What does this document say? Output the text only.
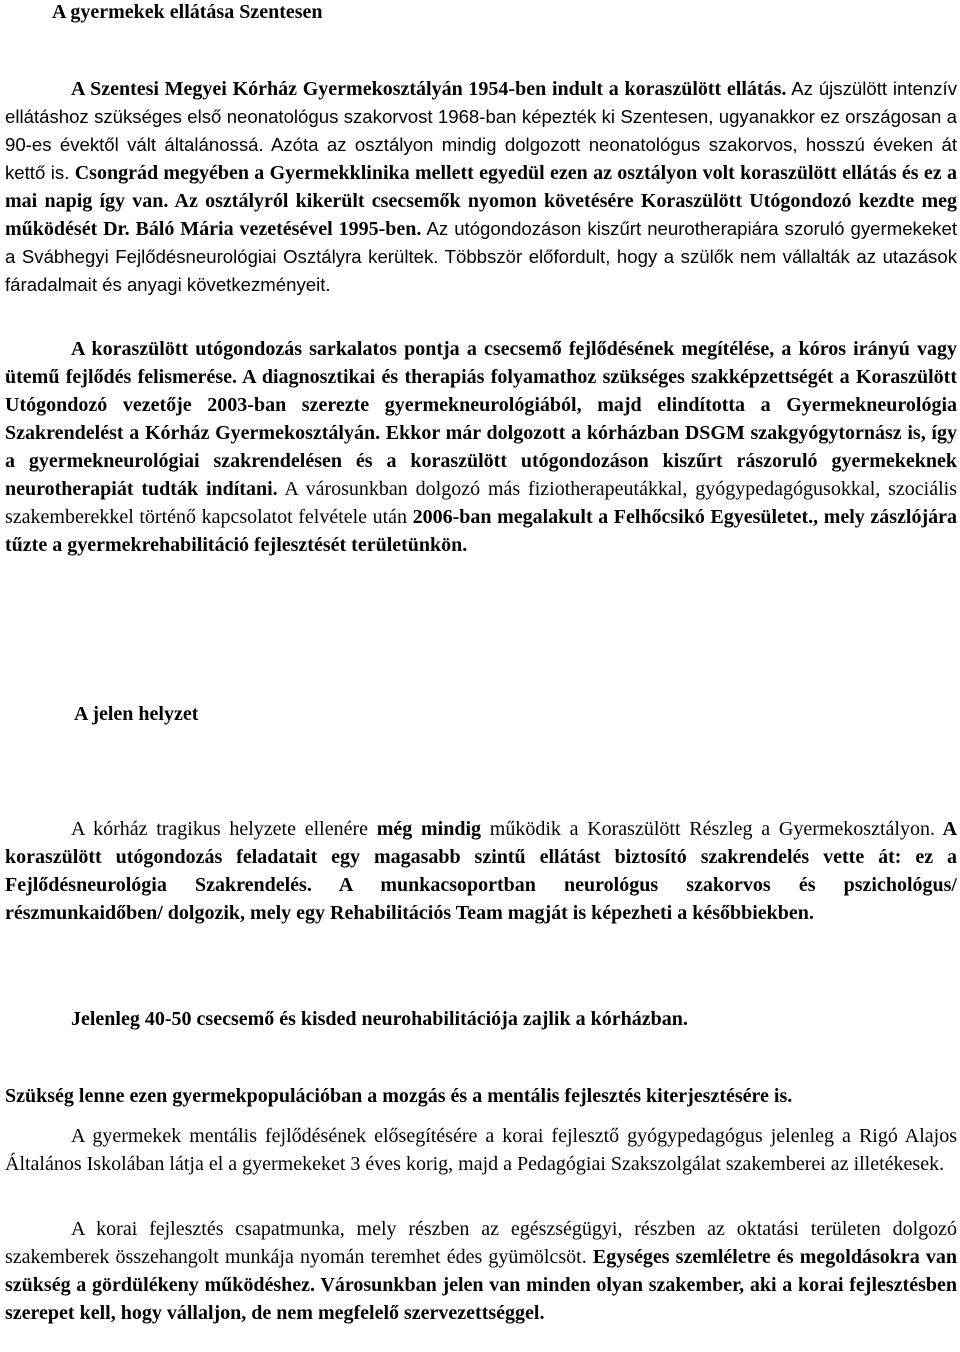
A gyermekek ellátása Szentesen

A Szentesi Megyei Kórház Gyermekosztályán 1954-ben indult a koraszülött ellátás. Az újszülött intenzív ellátáshoz szükséges első neonatológus szakorvost 1968-ban képezték ki Szentesen, ugyanakkor ez országosan a 90-es évektől vált általánossá. Azóta az osztályon mindig dolgozott neonatológus szakorvos, hosszú éveken át kettő is. Csongrád megyében a Gyermekklinika mellett egyedül ezen az osztályon volt koraszülött ellátás és ez a mai napig így van. Az osztályról kikerült csecsemők nyomon követésére Koraszülött Utógondozó kezdte meg működését Dr. Báló Mária vezetésével 1995-ben. Az utógondozáson kiszűrt neurotherapiára szoruló gyermekeket a Svábhegyi Fejlődésneurológiai Osztályra kerültek. Többször előfordult, hogy a szülők nem vállalták az utazások fáradalmait és anyagi következményeit.

A koraszülött utógondozás sarkalatos pontja a csecsemő fejlődésének megítélése, a kóros irányú vagy ütemű fejlődés felismerése. A diagnosztikai és therapiás folyamathoz szükséges szakképzettségét a Koraszülött Utógondozó vezetője 2003-ban szerezte gyermekneurológiából, majd elindította a Gyermekneurológia Szakrendelést a Kórház Gyermekosztályán. Ekkor már dolgozott a kórházban DSGM szakgyógytornász is, így a gyermekneurológiai szakrendelésen és a koraszülött utógondozáson kiszűrt rászoruló gyermekeknek neurotherapiát tudták indítani. A városunkban dolgozó más fiziotherapeutákkal, gyógypedagógusokkal, szociális szakemberekkel történő kapcsolatot felvétele után 2006-ban megalakult a Felhőcsikó Egyesületet., mely zászlójára tűzte a gyermekrehabilitáció fejlesztését területünkön.

A jelen helyzet

A kórház tragikus helyzete ellenére még mindig működik a Koraszülött Részleg a Gyermekosztályon. A koraszülött utógondozás feladatait egy magasabb szintű ellátást biztosító szakrendelés vette át: ez a Fejlődésneurológia Szakrendelés. A munkacsoportban neurológus szakorvos és pszichológus/ részmunkaidőben/ dolgozik, mely egy Rehabilitációs Team magját is képezheti a későbbiekben.

Jelenleg 40-50 csecsemő és kisded neurohabilitációja zajlik a kórházban.

Szükség lenne ezen gyermekpopulációban a mozgás és a mentális fejlesztés kiterjesztésére is.

A gyermekek mentális fejlődésének elősegítésére a korai fejlesztő gyógypedagógus jelenleg a Rigó Alajos Általános Iskolában látja el a gyermekeket 3 éves korig, majd a Pedagógiai Szakszolgálat szakemberei az illetékesek.

A korai fejlesztés csapatmunka, mely részben az egészségügyi, részben az oktatási területen dolgozó szakemberek összehangolt munkája nyomán teremhet édes gyümölcsöt. Egységes szemléletre és megoldásokra van szükség a gördülékeny működéshez. Városunkban jelen van minden olyan szakember, aki a korai fejlesztésben szerepet kell, hogy vállaljon, de nem megfelelő szervezettséggel.
